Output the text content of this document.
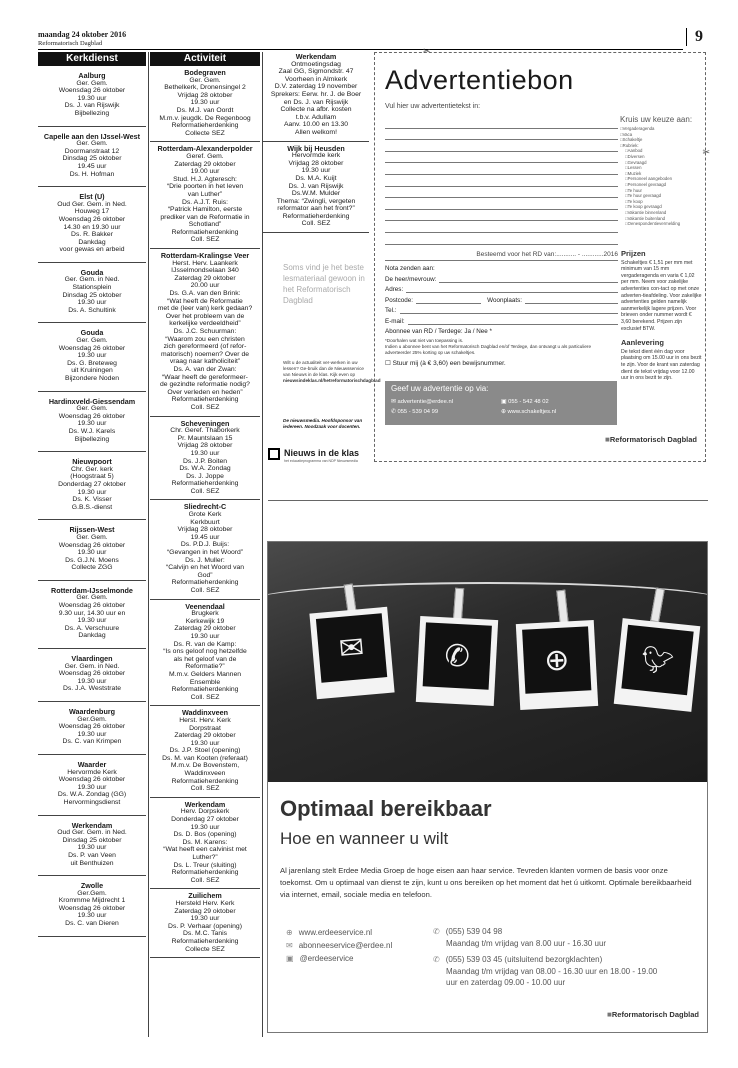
maandag 24 oktober 2016
Reformatorisch Dagblad	9
Kerkdienst
Aalburg
Ger. Gem.
Woensdag 26 oktober
19.30 uur
Ds. J. van Rijswijk
Bijbellezing
Capelle aan den IJssel-West
Ger. Gem.
Doormanstraat 12
Dinsdag 25 oktober
19.45 uur
Ds. H. Hofman
Elst (U)
Oud Ger. Gem. in Ned.
Houweg 17
Woensdag 26 oktober
14.30 en 19.30 uur
Ds. R. Bakker
Dankdag
voor gewas en arbeid
Gouda
Ger. Gem. in Ned.
Stationsplein
Dinsdag 25 oktober
19.30 uur
Ds. A. Schultink
Gouda
Ger. Gem.
Woensdag 26 oktober
19.30 uur
Ds. G. Breteweg
uit Kruiningen
Bijzondere Noden
Hardinxveld-Giessendam
Ger. Gem.
Woensdag 26 oktober
19.30 uur
Ds. W.J. Karels
Bijbellezing
Nieuwpoort
Chr. Ger. kerk
(Hoogstraat 5)
Donderdag 27 oktober
19.30 uur
Ds. K. Visser
G.B.S.-dienst
Rijssen-West
Ger. Gem.
Woensdag 26 oktober
19.30 uur
Ds. G.J.N. Moens
Collecte ZGG
Rotterdam-IJsselmonde
Ger. Gem.
Woensdag 26 oktober
9.30 uur, 14.30 uur en
19.30 uur
Ds. A. Verschuure
Dankdag
Vlaardingen
Ger. Gem. in Ned.
Woensdag 26 oktober
19.30 uur
Ds. J.A. Weststrate
Waardenburg
Ger.Gem.
Woensdag 26 oktober
19.30 uur
Ds. C. van Krimpen
Waarder
Hervormde Kerk
Woensdag 26 oktober
19.30 uur
Ds. W.A. Zondag (GG)
Hervormingsdienst
Werkendam
Oud Ger. Gem. in Ned.
Dinsdag 25 oktober
19.30 uur
Ds. P. van Veen
uit Benthuizen
Zwolle
Ger.Gem.
Krommme Mijdrecht 1
Woensdag 26 oktober
19.30 uur
Ds. C. van Dieren
Activiteit
Bodegraven
Ger. Gem.
Bethelkerk, Dronensingel 2
Vrijdag 28 oktober
19.30 uur
Ds. M.J. van Oordt
M.m.v. jeugdk. De Regenboog
Reformatieherdenking
Collecte SEZ
Rotterdam-Alexanderpolder
Geref. Gem.
Zaterdag 29 oktober
19.00 uur
Stud. H.J. Agteresch:
“Drie poorten in het leven
van Luther”
Ds. A.J.T. Ruis:
“Patrick Hamilton, eerste
prediker van de Reformatie in
Schotland”
Reformatieherdenking
Coll. SEZ
Rotterdam-Kralingse Veer
Herst. Herv. Laankerk
IJsselmondselaan 340
Zaterdag 29 oktober
20.00 uur
Ds. G.A. van den Brink:
“Wat heeft de Reformatie
met de (leer van) kerk gedaan?
Over het probleem van de
kerkelijke verdeeldheid”
Ds. J.C. Schuurman:
“Waarom zou een christen
zich gereformeerd (of refor-
matorisch) noemen? Over de
vraag naar katholiciteit”
Ds. A. van der Zwan:
“Waar heeft de gereformeer-
de gezindte reformatie nodig?
Over verleden en heden”
Reformatieherdenking
Coll. SEZ
Scheveningen
Chr. Geref. Thaborkerk
Pr. Mauntslaan 15
Vrijdag 28 oktober
19.30 uur
Ds. J.P. Boiten
Ds. W.A. Zondag
Ds. J. Joppe
Reformatieherdenking
Coll. SEZ
Sliedrecht-C
Grote Kerk
Kerkbuurt
Vrijdag 28 oktober
19.45 uur
Ds. P.D.J. Buijs:
“Gevangen in het Woord”
Ds. J. Muller:
“Calvijn en het Woord van
God”
Reformatieherdenking
Coll. SEZ
Veenendaal
Brugkerk
Kerkewijk 19
Zaterdag 29 oktober
19.30 uur
Ds. R. van de Kamp:
“Is ons geloof nog hetzelfde
als het geloof van de
Reformatie?”
M.m.v. Gelders Mannen
Ensemble
Reformatieherdenking
Coll. SEZ
Waddinxveen
Herst. Herv. Kerk
Dorpstraat
Zaterdag 29 oktober
19.30 uur
Ds. J.P. Stoel (opening)
Ds. M. van Kooten (referaat)
M.m.v. De Bovenstem,
Waddinxveen
Reformatieherdenking
Coll. SEZ
Werkendam
Herv. Dorpskerk
Donderdag 27 oktober
19.30 uur
Ds. D. Bos (opening)
Ds. M. Karens:
“Wat heeft een calvinist met
Luther?”
Ds. L. Treur (sluiting)
Reformatieherdenking
Coll. SEZ
Zuilichem
Hersteld Herv. Kerk
Zaterdag 29 oktober
19.30 uur
Ds. P. Verhaar (opening)
Ds. M.C. Tanis
Reformatieherdenking
Collecte SEZ
Werkendam
Ontmoetingsdag
Zaal GG, Sigmondstr. 47
Voorheen in Almkerk
D.V. zaterdag 19 november
Sprekers: Eerw. hr. J. de Boer
en Ds. J. van Rijswijk
Collecte na afbr. kosten
t.b.v. Adullam
Aanv. 10.00 en 13.30
Allen welkom!
Wijk bij Heusden
Hervormde kerk
Vrijdag 28 oktober
19.30 uur
Ds. M.A. Kuijt
Ds. J. van Rijswijk
Ds.W.M. Mulder
Thema: “Zwingli, vergeten
reformator aan het front?”
Reformatieherdenking
Coll. SEZ
Soms vind je het beste lesmateriaal gewoon in het Reformatorisch Dagblad
Wilt u de actualiteit ver-werken in uw lessen? Ge-bruik dan de Nieuwsservice van Nieuws in de klas. Kijk even op nieuwsindeklas.nl/hetreformatorischdagblad
De nieuwsmedia. Hoofdsponsor van iedereen. Noodzaak voor docenten.
Nieuws in de klas
het educatieprogramma van NDP Nieuwsmedia
✂
✂
Advertentiebon
Vul hier uw advertentietekst in:
Kruis uw keuze aan:
□ Vergaderagenda
□ Vaca
□ Schakeltje
□ Rubriek:
□ Aanbod
□ Diversen
□ Gevraagd
□ Lessen
□ Muziek
□ Personeel aangeboden
□ Personeel gevraagd
□ Te huur
□ Te huur gevraagd
□ Te koop
□ Te koop gevraagd
□ Vakantie binnenland
□ Vakantie buitenland
□ Oenespondentievermelding
Besteemd voor het RD van:........... - ............2016
Nota zenden aan:
De heer/mevrouw:
Adres:
Postcode:	Woonplaats:
Tel.:
E-mail:
Abonnee van RD / Terdege: Ja / Nee *
*Doorhalen wat niet van toepassing is.
Indien u abonnee bent van het Reformatorisch Dagblad en/of Terdege, dan ontvangt u als particuliere adverteerder 25% korting op uw schakeltjes.
☐ Stuur mij (à € 3,60) een bewijsnummer.
Prijzen
Schakeltjes € 1,51 per mm met minimum van 15 mm vergaderagenda en varia € 1,02 per mm. Neem voor zakelijke advertenties con-tact op met onze adverten-tieafdeling. Voor zakelijke advertenties gelden namelijk aanmerkelijk lagere prijzen. Voor brieven onder nummer wordt € 3,60 berekend. Prijzen zijn exclusief BTW.
Aanlevering
De tekst dient één dag voor plaatsing om 15.00 uur in ons bezit te zijn. Voor de krant van zaterdag dient de tekst vrijdag voor 12.00 uur in ons bezit te zijn.
Geef uw advertentie op via:
✉ advertentie@erdee.nl	▣ 055 - 542 48 02
✆ 055 - 539 04 99	⊕ www.schakeltjes.nl
■ Reformatorisch Dagblad
✉	✆	⊕	🐦︎
Optimaal bereikbaar
Hoe en wanneer u wilt
Al jarenlang stelt Erdee Media Groep de hoge eisen aan haar service. Tevreden klanten vormen de basis voor onze toekomst. Om u optimaal van dienst te zijn, kunt u ons bereiken op het moment dat het ú uitkomt. Optimale bereikbaarheid via internet, email, sociale media en telefoon.
⊕ www.erdeeservice.nl
✉ abonneeservice@erdee.nl
▣ @erdeeservice
✆ (055) 539 04 98
Maandag t/m vrijdag van 8.00 uur - 16.30 uur
✆ (055) 539 03 45 (uitsluitend bezorgklachten)
Maandag t/m vrijdag van 08.00 - 16.30 uur en 18.00 - 19.00
uur en zaterdag 09.00 - 10.00 uur
■ Reformatorisch Dagblad
